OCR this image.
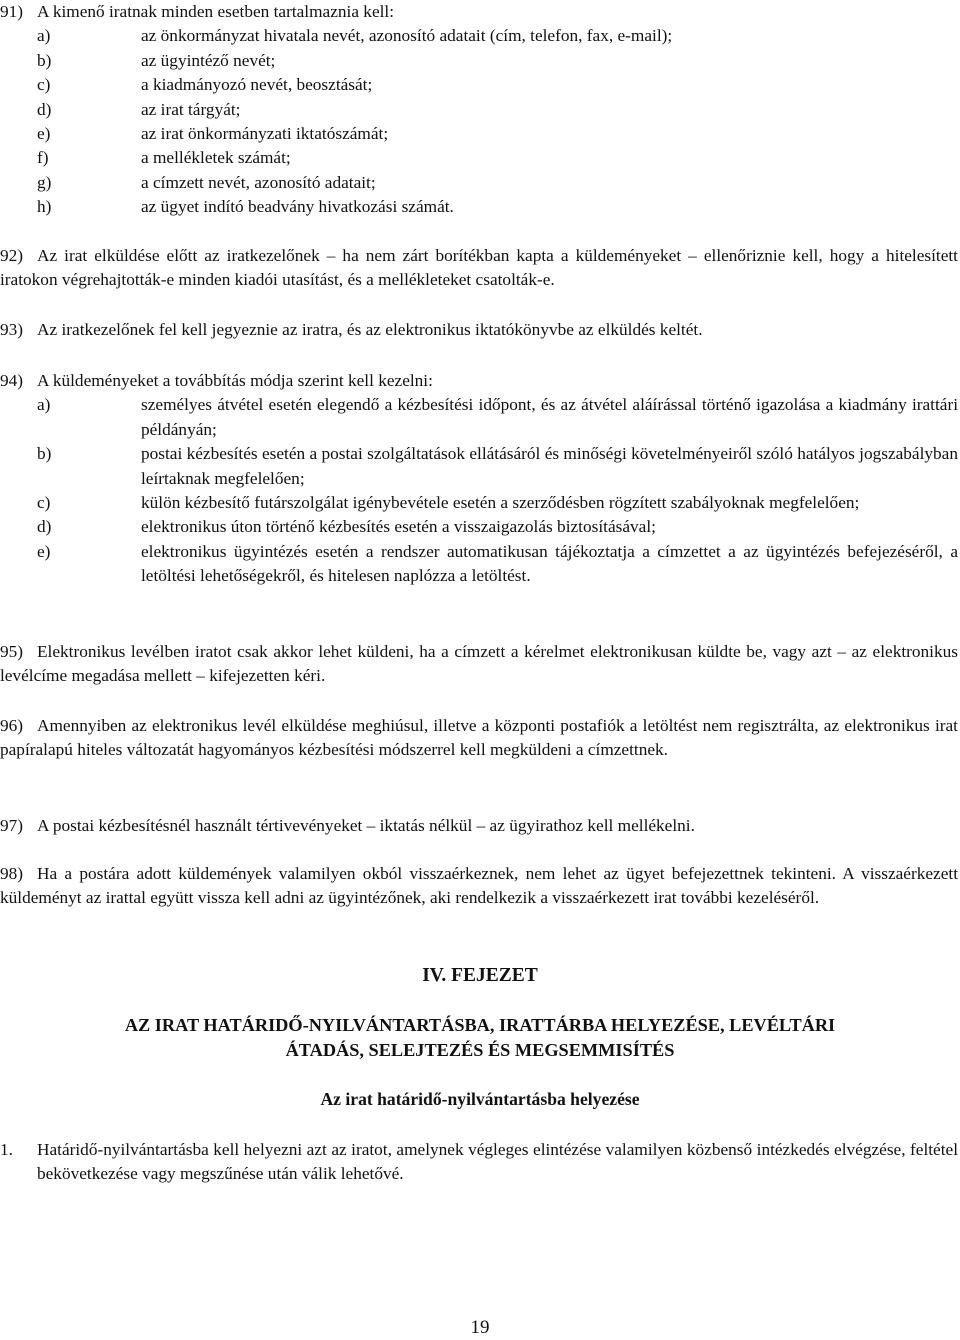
91) A kimenő iratnak minden esetben tartalmaznia kell:
a)	az önkormányzat hivatala nevét, azonosító adatait (cím, telefon, fax, e-mail);
b)	az ügyintéző nevét;
c)	a kiadmányozó nevét, beosztását;
d)	az irat tárgyát;
e)	az irat önkormányzati iktatószámát;
f)	a mellékletek számát;
g)	a címzett nevét, azonosító adatait;
h)	az ügyet indító beadvány hivatkozási számát.
92) Az irat elküldése előtt az iratkezelőnek – ha nem zárt borítékban kapta a küldeményeket – ellenőriznie kell, hogy a hitelesített iratokon végrehajtották-e minden kiadói utasítást, és a mellékleteket csatolták-e.
93) Az iratkezelőnek fel kell jegyeznie az iratra, és az elektronikus iktatókönyvbe az elküldés keltét.
94) A küldeményeket a továbbítás módja szerint kell kezelni:
a)	személyes átvétel esetén elegendő a kézbesítési időpont, és az átvétel aláírással történő igazolása a kiadmány irattári példányán;
b)	postai kézbesítés esetén a postai szolgáltatások ellátásáról és minőségi követelményeiről szóló hatályos jogszabályban leírtaknak megfelelően;
c)	külön kézbesítő futárszolgálat igénybevétele esetén a szerződésben rögzített szabályoknak megfelelően;
d)	elektronikus úton történő kézbesítés esetén a visszaigazolás biztosításával;
e)	elektronikus ügyintézés esetén a rendszer automatikusan tájékoztatja a címzettet a az ügyintézés befejezéséről, a letöltési lehetőségekről, és hitelesen naplózza a letöltést.
95) Elektronikus levélben iratot csak akkor lehet küldeni, ha a címzett a kérelmet elektronikusan küldte be, vagy azt – az elektronikus levélcíme megadása mellett – kifejezetten kéri.
96) Amennyiben az elektronikus levél elküldése meghiúsul, illetve a központi postafiók a letöltést nem regisztrálta, az elektronikus irat papíralapú hiteles változatát hagyományos kézbesítési módszerrel kell megküldeni a címzettnek.
97) A postai kézbesítésnél használt tértivevényeket – iktatás nélkül – az ügyirathoz kell mellékelni.
98) Ha a postára adott küldemények valamilyen okból visszaérkeznek, nem lehet az ügyet befejezettnek tekinteni. A visszaérkezett küldeményt az irattal együtt vissza kell adni az ügyintézőnek, aki rendelkezik a visszaérkezett irat további kezeléséről.
IV. FEJEZET
AZ IRAT HATÁRIDŐ-NYILVÁNTARTÁSBA, IRATTÁRBA HELYEZÉSE, LEVÉLTÁRI
ÁTADÁS, SELEJTEZÉS ÉS MEGSEMMISÍTÉS
Az irat határidő-nyilvántartásba helyezése
1.	Határidő-nyilvántartásba kell helyezni azt az iratot, amelynek végleges elintézése valamilyen közbenső intézkedés elvégzése, feltétel bekövetkezése vagy megszűnése után válik lehetővé.
19
